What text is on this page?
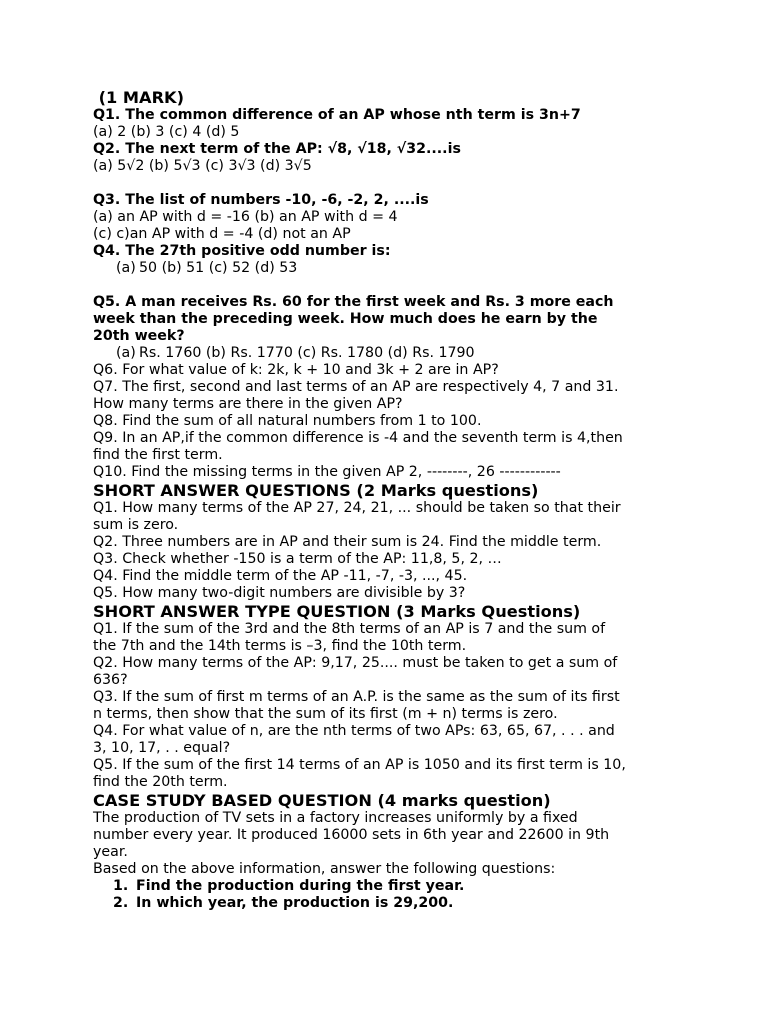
(1 MARK)

Q1. The common difference of an AP whose nth term is 3n+7

(a) 2 (b) 3 (c) 4 (d) 5

Q2. The next term of the AP: √8, √18, √32....is

(a) 5√2 (b) 5√3 (c) 3√3 (d) 3√5

Q3. The list of numbers -10, -6, -2, 2, ....is

(a) an AP with d = -16 (b) an AP with d = 4

(c) c)an AP with d = -4 (d) not an AP

Q4. The 27th positive odd number is:

(a) 50 (b) 51 (c) 52 (d) 53

Q5. A man receives Rs. 60 for the first week and Rs. 3 more each

week than the preceding week. How much does he earn by the

20th week?

(a) Rs. 1760 (b) Rs. 1770 (c) Rs. 1780 (d) Rs. 1790

Q6. For what value of k: 2k, k + 10 and 3k + 2 are in AP?

Q7. The first, second and last terms of an AP are respectively 4, 7 and 31.

How many terms are there in the given AP?

Q8. Find the sum of all natural numbers from 1 to 100.

Q9. In an AP,if the common difference is -4 and the seventh term is 4,then

find the first term.

Q10. Find the missing terms in the given AP 2, --------, 26 ------------

SHORT ANSWER QUESTIONS (2 Marks questions)

Q1. How many terms of the AP 27, 24, 21, ... should be taken so that their

sum is zero.

Q2. Three numbers are in AP and their sum is 24. Find the middle term.

Q3. Check whether -150 is a term of the AP: 11,8, 5, 2, …

Q4. Find the middle term of the AP -11, -7, -3, ..., 45.

Q5. How many two-digit numbers are divisible by 3?

SHORT ANSWER TYPE QUESTION (3 Marks Questions)

Q1. If the sum of the 3rd and the 8th terms of an AP is 7 and the sum of

the 7th and the 14th terms is –3, find the 10th term.

Q2. How many terms of the AP: 9,17, 25.... must be taken to get a sum of

636?

Q3. If the sum of first m terms of an A.P. is the same as the sum of its first

n terms, then show that the sum of its first (m + n) terms is zero.

Q4. For what value of n, are the nth terms of two APs: 63, 65, 67, . . . and

3, 10, 17, . . equal?

Q5. If the sum of the first 14 terms of an AP is 1050 and its first term is 10,

find the 20th term.

CASE STUDY BASED QUESTION (4 marks question)

The production of TV sets in a factory increases uniformly by a fixed

number every year. It produced 16000 sets in 6th year and 22600 in 9th

year.

Based on the above information, answer the following questions:

1. Find the production during the first year.

2. In which year, the production is 29,200.
